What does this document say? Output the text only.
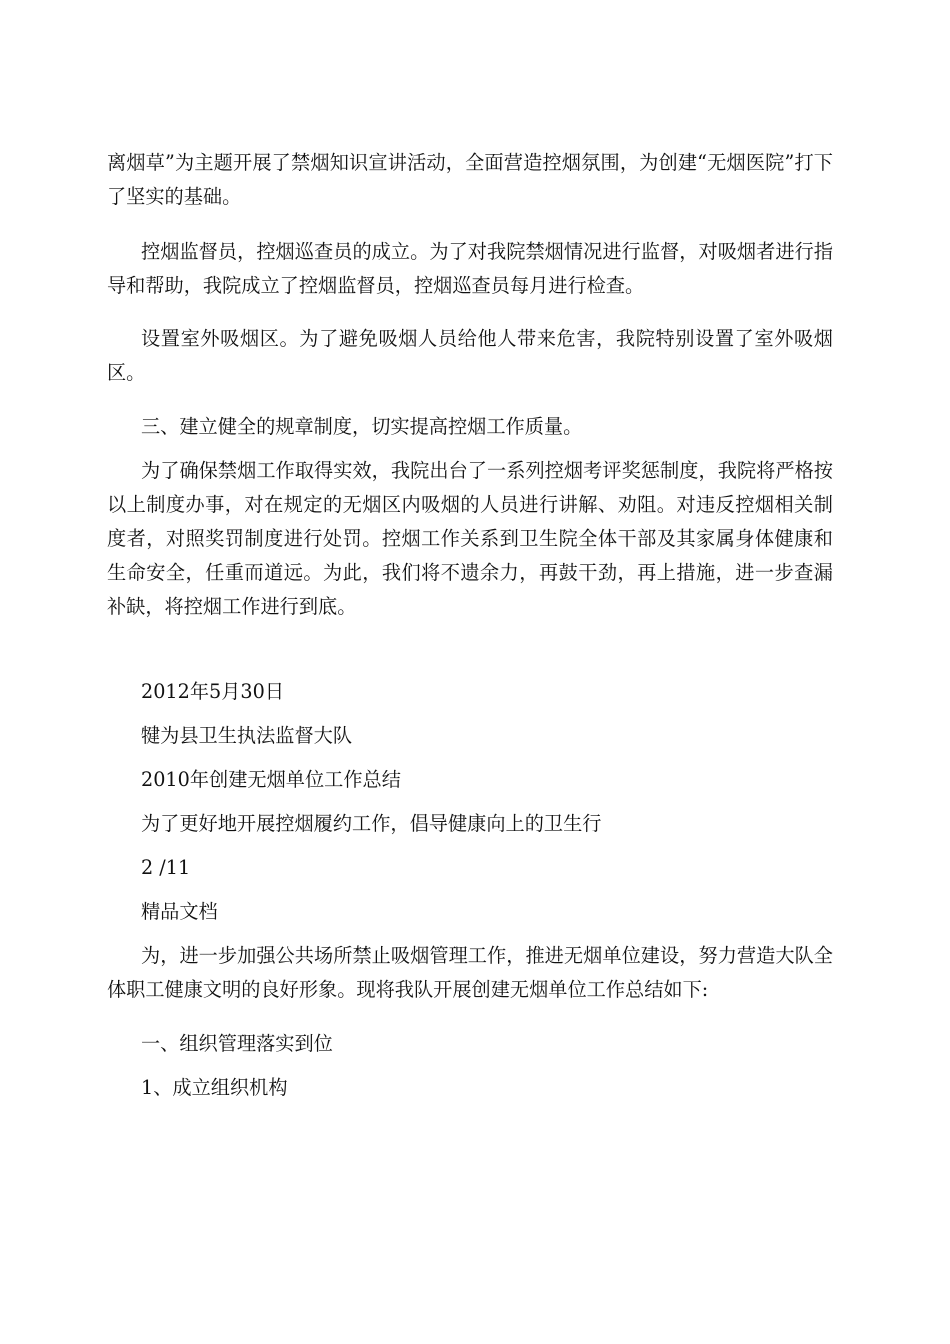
离烟草”为主题开展了禁烟知识宣讲活动，全面营造控烟氛围，为创建“无烟医院”打下了坚实的基础。

控烟监督员，控烟巡查员的成立。为了对我院禁烟情况进行监督，对吸烟者进行指导和帮助，我院成立了控烟监督员，控烟巡查员每月进行检查。

设置室外吸烟区。为了避免吸烟人员给他人带来危害，我院特别设置了室外吸烟区。

三、建立健全的规章制度，切实提高控烟工作质量。

为了确保禁烟工作取得实效，我院出台了一系列控烟考评奖惩制度，我院将严格按以上制度办事，对在规定的无烟区内吸烟的人员进行讲解、劝阻。对违反控烟相关制度者，对照奖罚制度进行处罚。控烟工作关系到卫生院全体干部及其家属身体健康和生命安全，任重而道远。为此，我们将不遗余力，再鼓干劲，再上措施，进一步查漏补缺，将控烟工作进行到底。

2012年5月30日

犍为县卫生执法监督大队

2010年创建无烟单位工作总结

为了更好地开展控烟履约工作，倡导健康向上的卫生行

2 /11

精品文档

为，进一步加强公共场所禁止吸烟管理工作，推进无烟单位建设，努力营造大队全体职工健康文明的良好形象。现将我队开展创建无烟单位工作总结如下:

一、组织管理落实到位

1、成立组织机构
